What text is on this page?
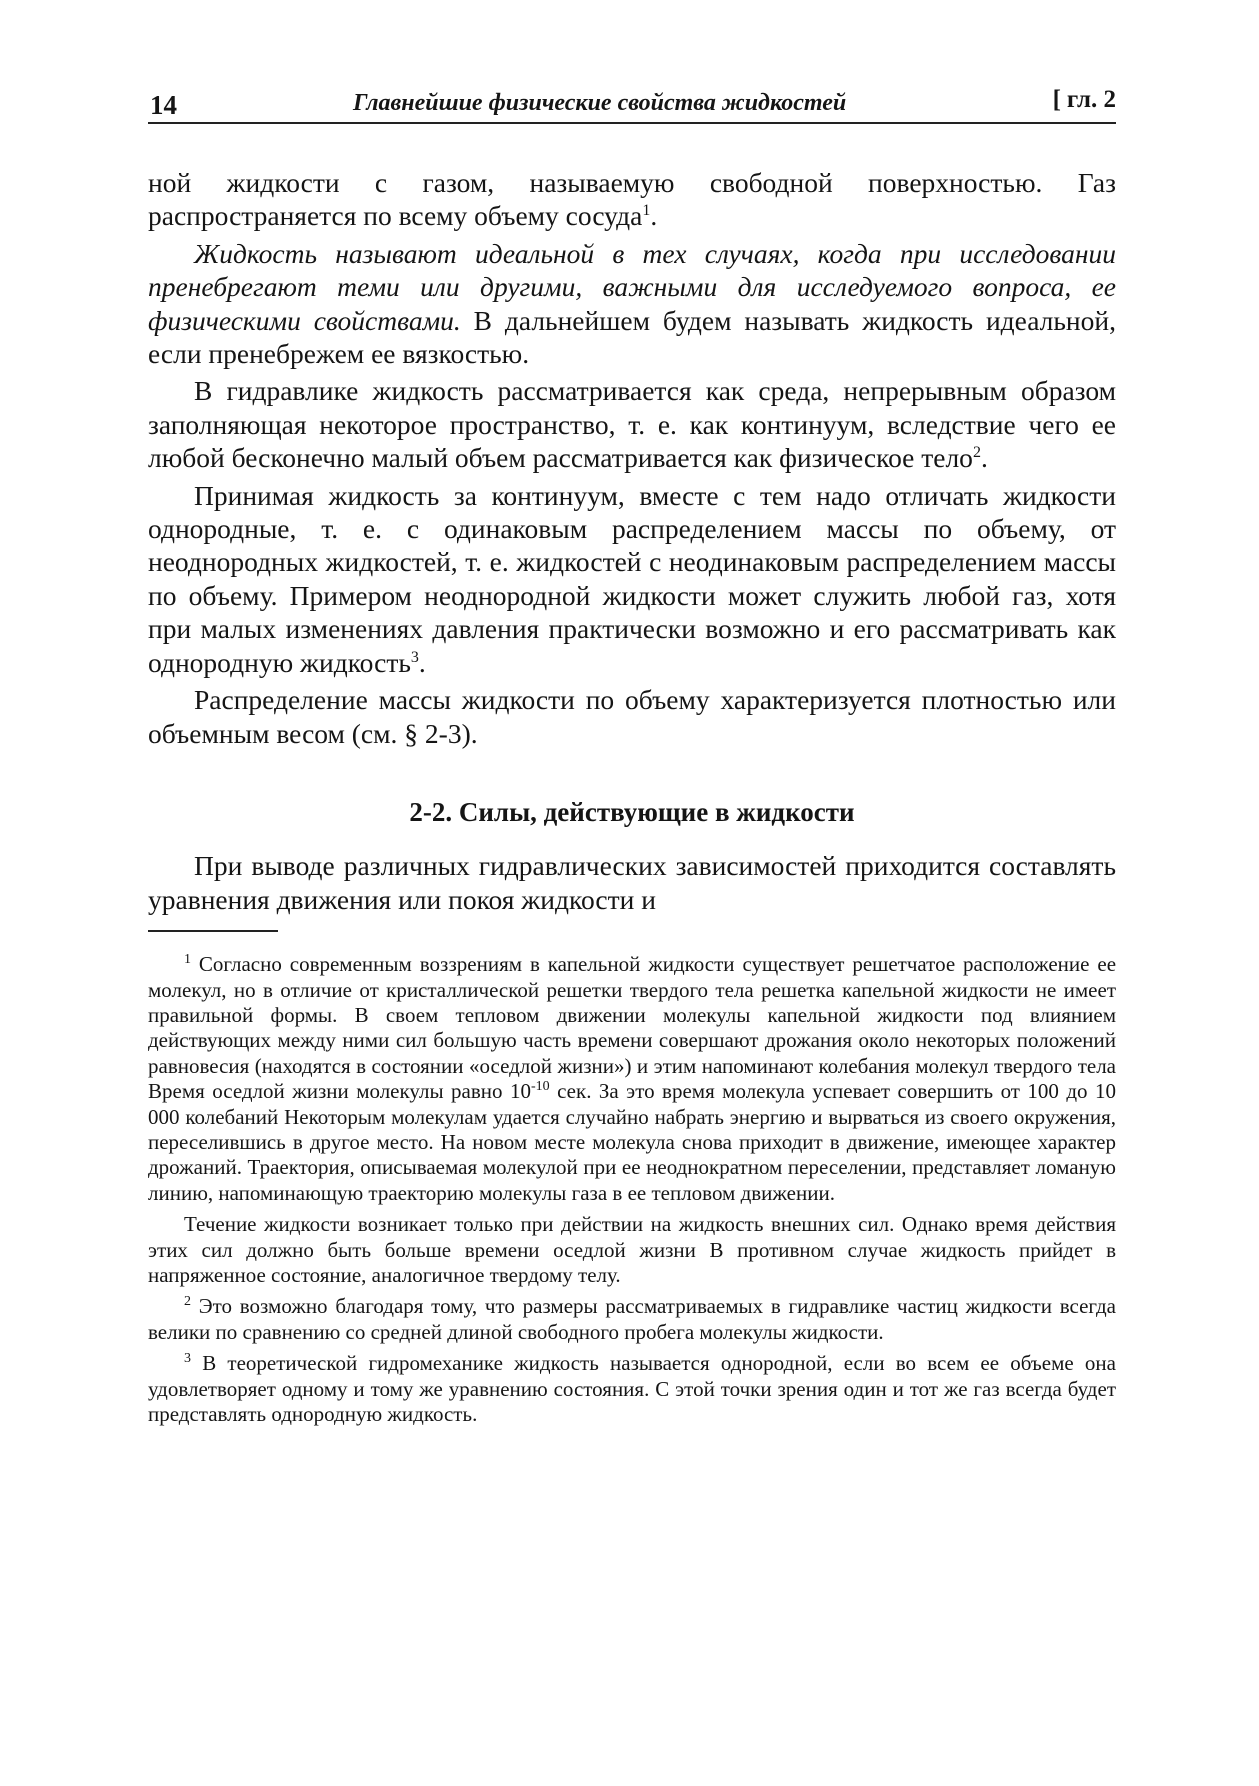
14	Главнейшие физические свойства жидкостей	[ гл. 2

ной жидкости с газом, называемую свободной поверхностью. Газ распространяется по всему объему сосуда$^1$.

Жидкость называют идеальной в тех случаях, когда при исследовании пренебрегают теми или другими, важными для исследуемого вопроса, ее физическими свойствами. В дальнейшем будем называть жидкость идеальной, если пренебрежем ее вязкостью.

В гидравлике жидкость рассматривается как среда, непрерывным образом заполняющая некоторое пространство, т. е. как континуум, вследствие чего ее любой бесконечно малый объем рассматривается как физическое тело$^2$.

Принимая жидкость за континуум, вместе с тем надо отличать жидкости однородные, т. е. с одинаковым распределением массы по объему, от неоднородных жидкостей, т. е. жидкостей с неодинаковым распределением массы по объему. Примером неоднородной жидкости может служить любой газ, хотя при малых изменениях давления практически возможно и его рассматривать как однородную жидкость$^3$.

Распределение массы жидкости по объему характеризуется плотностью или объемным весом (см. § 2-3).

2-2. Силы, действующие в жидкости

При выводе различных гидравлических зависимостей приходится составлять уравнения движения или покоя жидкости и

$^1$ Согласно современным воззрениям в капельной жидкости существует решетчатое расположение ее молекул, но в отличие от кристаллической решетки твердого тела решетка капельной жидкости не имеет правильной формы. В своем тепловом движении молекулы капельной жидкости под влиянием действующих между ними сил большую часть времени совершают дрожания около некоторых положений равновесия (находятся в состоянии «оседлой жизни») и этим напоминают колебания молекул твердого тела Время оседлой жизни молекулы равно $10^{-10}$ сек. За это время молекула успевает совершить от 100 до 10 000 колебаний Некоторым молекулам удается случайно набрать энергию и вырваться из своего окружения, переселившись в другое место. На новом месте молекула снова приходит в движение, имеющее характер дрожаний. Траектория, описываемая молекулой при ее неоднократном переселении, представляет ломаную линию, напоминающую траекторию молекулы газа в ее тепловом движении.

Течение жидкости возникает только при действии на жидкость внешних сил. Однако время действия этих сил должно быть больше времени оседлой жизни В противном случае жидкость прийдет в напряженное состояние, аналогичное твердому телу.

$^2$ Это возможно благодаря тому, что размеры рассматриваемых в гидравлике частиц жидкости всегда велики по сравнению со средней длиной свободного пробега молекулы жидкости.

$^3$ В теоретической гидромеханике жидкость называется однородной, если во всем ее объеме она удовлетворяет одному и тому же уравнению состояния. С этой точки зрения один и тот же газ всегда будет представлять однородную жидкость.
